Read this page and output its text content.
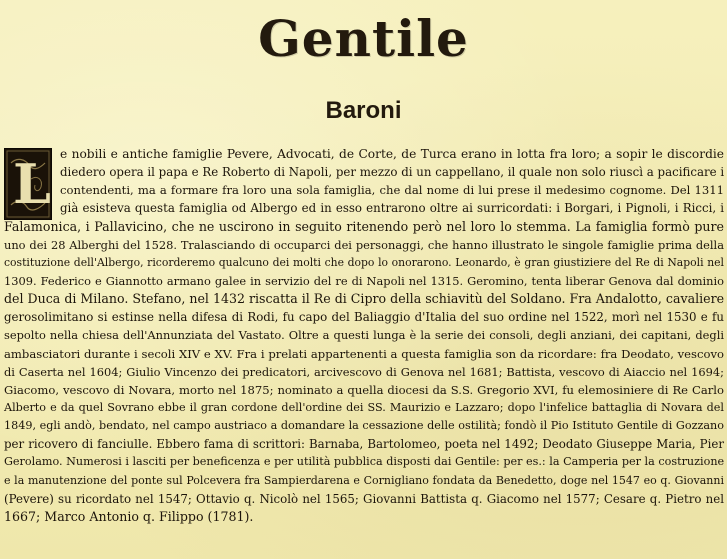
Gentile
Baroni
L e nobili e antiche famiglie Pevere, Advocati, de Corte, de Turca erano in lotta fra loro; a sopir le discordie
diedero opera il papa e Re Roberto di Napoli, per mezzo di un cappellano, il quale non solo riuscì a pacificare i
contendenti, ma a formare fra loro una sola famiglia, che dal nome di lui prese il medesimo cognome. Del 1311
già esisteva questa famiglia od Albergo ed in esso entrarono oltre ai surricordati: i Borgari, i Pignoli, i Ricci, i
Falamonica, i Pallavicino, che ne uscirono in seguito ritenendo però nel loro lo stemma. La famiglia formò pure
uno dei 28 Alberghi del 1528. Tralasciando di occuparci dei personaggi, che hanno illustrato le singole famiglie prima della
costituzione dell'Albergo, ricorderemo qualcuno dei molti che dopo lo onorarono. Leonardo, è gran giustiziere del Re di Napoli nel
1309. Federico e Giannotto armano galee in servizio del re di Napoli nel 1315. Geromino, tenta liberar Genova dal dominio
del Duca di Milano. Stefano, nel 1432 riscatta il Re di Cipro della schiavitù del Soldano. Fra Andalotto, cavaliere
gerosolimitano si estinse nella difesa di Rodi, fu capo del Baliaggio d'Italia del suo ordine nel 1522, morì nel 1530 e fu
sepolto nella chiesa dell'Annunziata del Vastato. Oltre a questi lunga è la serie dei consoli, degli anziani, dei capitani, degli
ambasciatori durante i secoli XIV e XV. Fra i prelati appartenenti a questa famiglia son da ricordare: fra Deodato, vescovo
di Caserta nel 1604; Giulio Vincenzo dei predicatori, arcivescovo di Genova nel 1681; Battista, vescovo di Aiaccio nel 1694;
Giacomo, vescovo di Novara, morto nel 1875; nominato a quella diocesi da S.S. Gregorio XVI, fu elemosiniere di Re Carlo
Alberto e da quel Sovrano ebbe il gran cordone dell'ordine dei SS. Maurizio e Lazzaro; dopo l'infelice battaglia di Novara del
1849, egli andò, bendato, nel campo austriaco a domandare la cessazione delle ostilità; fondò il Pio Istituto Gentile di Gozzano
per ricovero di fanciulle. Ebbero fama di scrittori: Barnaba, Bartolomeo, poeta nel 1492; Deodato Giuseppe Maria, Pier
Gerolamo. Numerosi i lasciti per beneficenza e per utilità pubblica disposti dai Gentile: per es.: la Camperia per la costruzione
e la manutenzione del ponte sul Polcevera fra Sampierdarena e Cornigliano fondata da Benedetto, doge nel 1547 eo q. Giovanni
(Pevere) su ricordato nel 1547; Ottavio q. Nicolò nel 1565; Giovanni Battista q. Giacomo nel 1577; Cesare q. Pietro nel
1667; Marco Antonio q. Filippo (1781).
